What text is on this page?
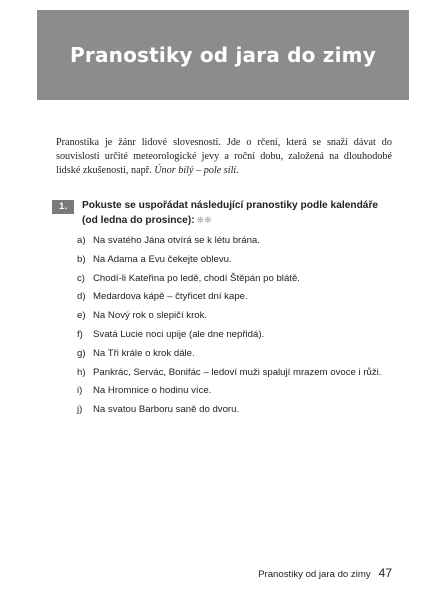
Pranostiky od jara do zimy

Pranostika je žánr lidové slovesnosti. Jde o rčení, která se snaží dávat do souvislosti určité meteorologické jevy a roční dobu, založená na dlouhodobé lidské zkušenosti, např. Únor bílý – pole sílí.

1.	Pokuste se uspořádat následující pranostiky podle kalendáře (od ledna do prosince): ❋❋
a) Na svatého Jána otvírá se k létu brána.
b) Na Adama a Evu čekejte oblevu.
c) Chodí-li Kateřina po ledě, chodí Štěpán po blátě.
d) Medardova kápě – čtyřicet dní kape.
e) Na Nový rok o slepičí krok.
f)	Svatá Lucie noci upije (ale dne nepřidá).
g) Na Tři krále o krok dále.
h) Pankrác, Servác, Bonifác – ledoví muži spalují mrazem ovoce i růži.
i)	Na Hromnice o hodinu více.
j)	Na svatou Barboru saně do dvoru.
Pranostiky od jara do zimy 47
